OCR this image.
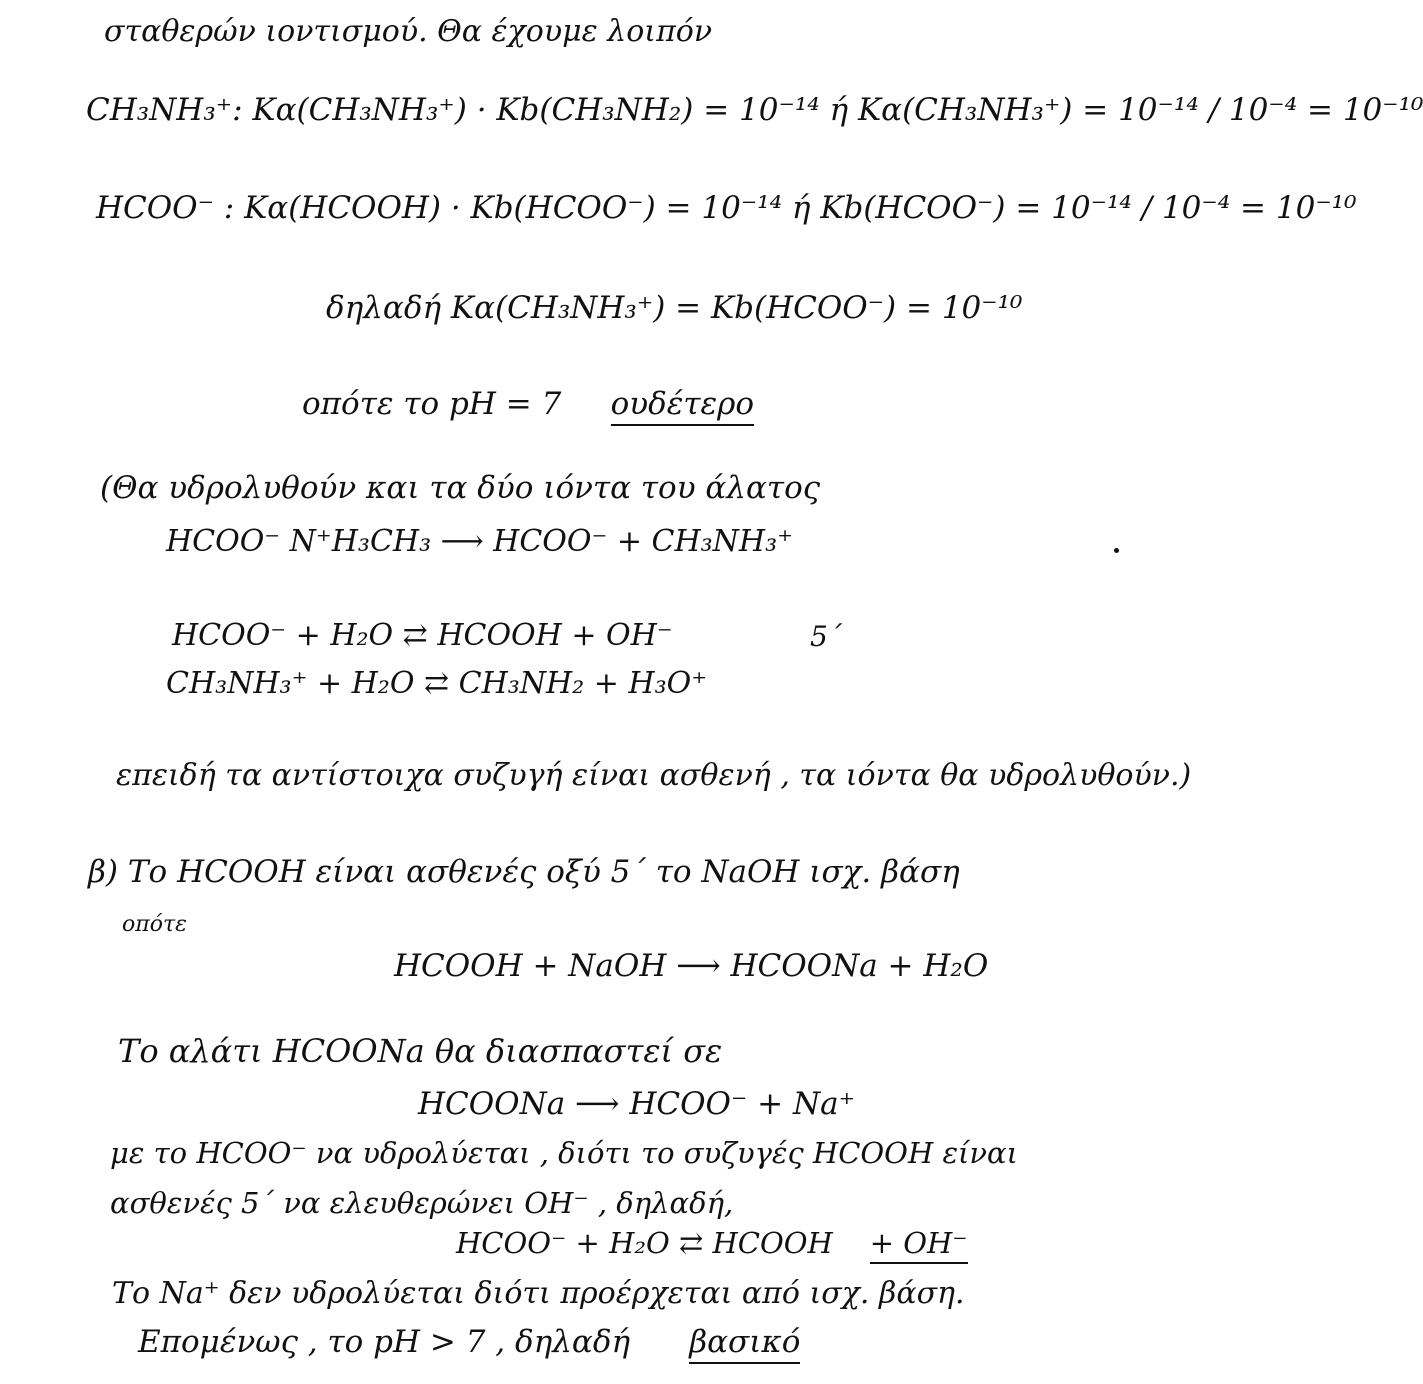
σταθερών ιοντισμού. Θα έχουμε λοιπόν
CH₃NH₃⁺: Kα(CH₃NH₃⁺) · Kb(CH₃NH₂) = 10⁻¹⁴ ή Kα(CH₃NH₃⁺) = 10⁻¹⁴ / 10⁻⁴ = 10⁻¹⁰
HCOO⁻ : Kα(HCOOH) · Kb(HCOO⁻) = 10⁻¹⁴ ή Kb(HCOO⁻) = 10⁻¹⁴ / 10⁻⁴ = 10⁻¹⁰
δηλαδή Kα(CH₃NH₃⁺) = Kb(HCOO⁻) = 10⁻¹⁰
οπότε το pH = 7 ουδέτερο
(Θα υδρολυθούν και τα δύο ιόντα του άλατος
HCOO⁻ N⁺H₃CH₃ ⟶ HCOO⁻ + CH₃NH₃⁺
HCOO⁻ + H₂O ⇄ HCOOH + OH⁻	5´
CH₃NH₃⁺ + H₂O ⇄ CH₃NH₂ + H₃O⁺
επειδή τα αντίστοιχα συζυγή είναι ασθενή , τα ιόντα θα υδρολυθούν.)
β) Το HCOOH είναι ασθενές οξύ 5´ το NaOH ισχ. βάση
οπότε
HCOOH + NaOH ⟶ HCOONa + H₂O
Το αλάτι HCOONa θα διασπαστεί σε
HCOONa ⟶ HCOO⁻ + Na⁺
με το HCOO⁻ να υδρολύεται , διότι το συζυγές HCOOH είναι
ασθενές 5´ να ελευθερώνει OH⁻ , δηλαδή,
HCOO⁻ + H₂O ⇄ HCOOH + OH⁻
Το Na⁺ δεν υδρολύεται διότι προέρχεται από ισχ. βάση.
Επομένως , το pH > 7 , δηλαδή βασικό
